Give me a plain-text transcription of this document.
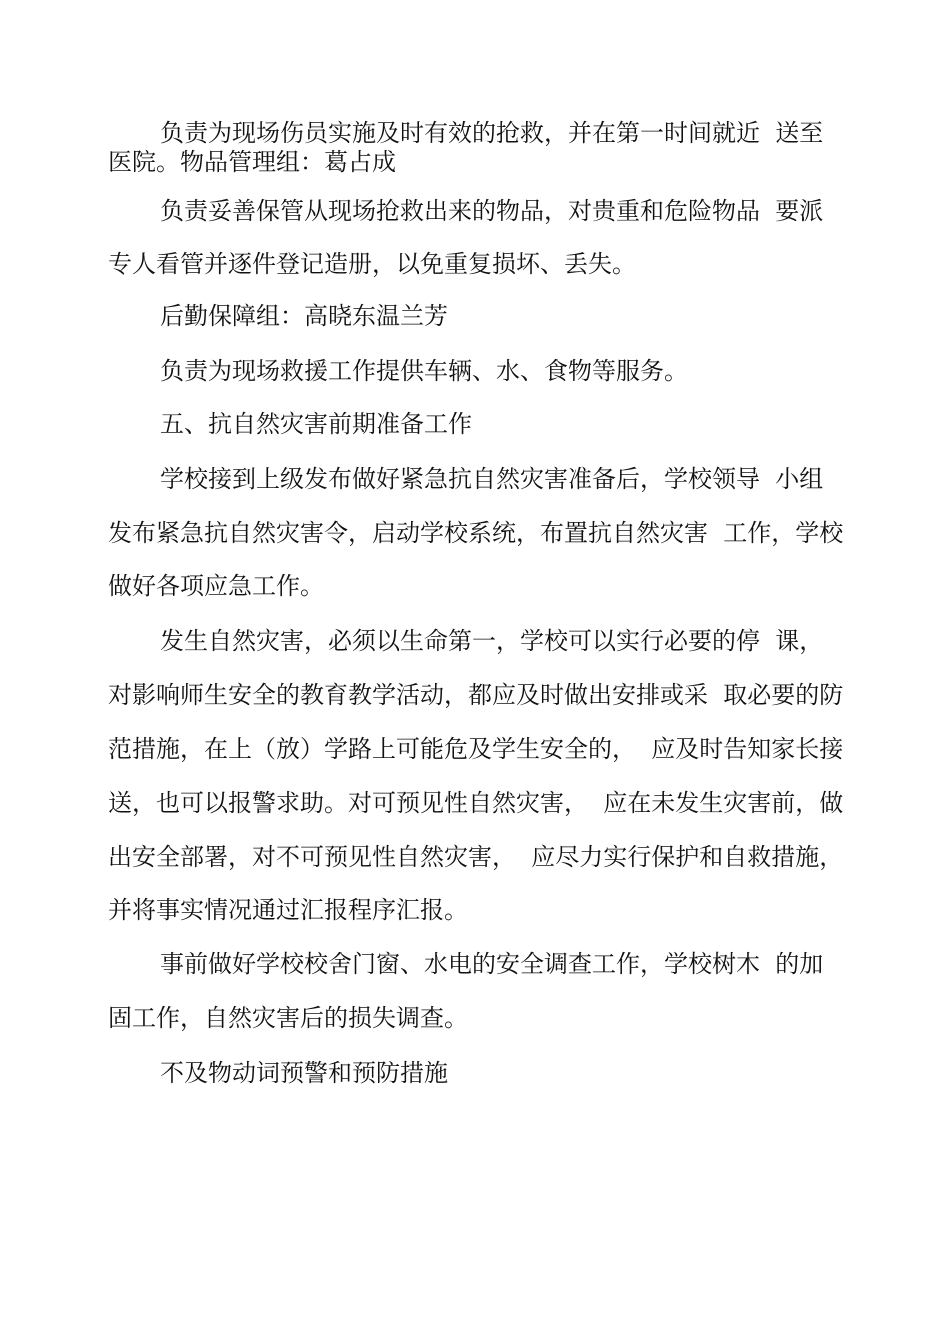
负责为现场伤员实施及时有效的抢救，并在第一时间就近  送至
医院。物品管理组：葛占成
负责妥善保管从现场抢救出来的物品，对贵重和危险物品  要派
专人看管并逐件登记造册，以免重复损坏、丢失。
后勤保障组：高晓东温兰芳
负责为现场救援工作提供车辆、水、食物等服务。
五、抗自然灾害前期准备工作
学校接到上级发布做好紧急抗自然灾害准备后，学校领导  小组
发布紧急抗自然灾害令，启动学校系统，布置抗自然灾害  工作，学校
做好各项应急工作。
发生自然灾害，必须以生命第一，学校可以实行必要的停  课，
对影响师生安全的教育教学活动，都应及时做出安排或采  取必要的防
范措施，在上（放）学路上可能危及学生安全的，  应及时告知家长接
送，也可以报警求助。对可预见性自然灾害，  应在未发生灾害前，做
出安全部署，对不可预见性自然灾害，  应尽力实行保护和自救措施，
并将事实情况通过汇报程序汇报。
事前做好学校校舍门窗、水电的安全调查工作，学校树木  的加
固工作，自然灾害后的损失调查。
不及物动词预警和预防措施
